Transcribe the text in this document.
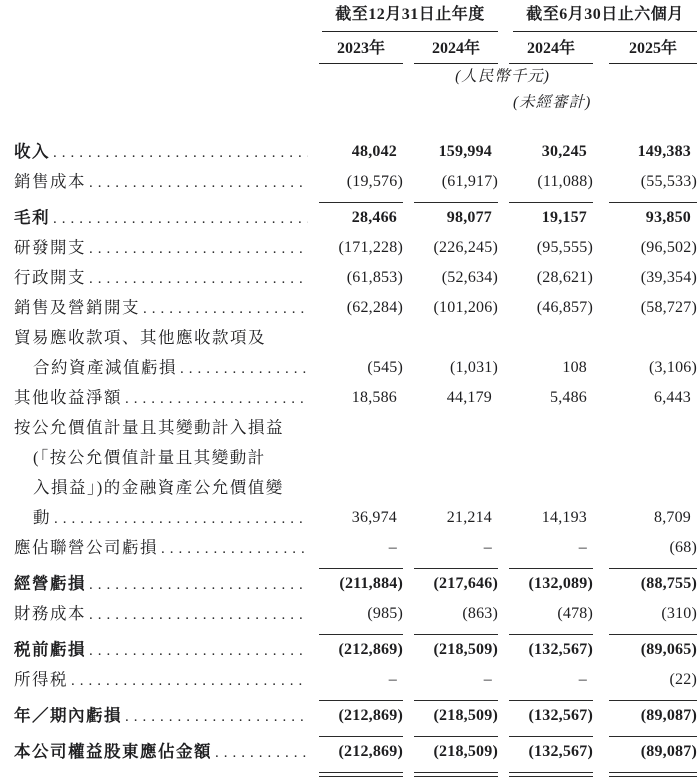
	截至12月31日止年度		截至6月30日止六個月	

	2023年	2024年	2024年	2025年

	(人民幣千元)			
			(未經審計)	

收入
.....	48,042	159,994	30,245	149,383

銷售成本
.....	(19,576)	(61,917)	(11,088)	(55,533)

毛利
.....	28,466	98,077	19,157	93,850

研發開支
.....	(171,228)	(226,245)	(95,555)	(96,502)

行政開支
.....	(61,853)	(52,634)	(28,621)	(39,354)

銷售及營銷開支
.....	(62,284)	(101,206)	(46,857)	(58,727)

貿易應收款項、其他應收款項及
合約資產減值虧損
.....	(545)	(1,031)	108	(3,106)

其他收益淨額
.....	18,586	44,179	5,486	6,443

按公允價值計量且其變動計入損益
(「按公允價值計量且其變動計
入損益」)的金融資產公允價值變
動
.....	36,974	21,214	14,193	8,709

應佔聯營公司虧損
.....	–	–	–	(68)

經營虧損
.....	(211,884)	(217,646)	(132,089)	(88,755)

財務成本
.....	(985)	(863)	(478)	(310)

税前虧損
.....	(212,869)	(218,509)	(132,567)	(89,065)

所得税
.....	–	–	–	(22)

年／期內虧損
.....	(212,869)	(218,509)	(132,567)	(89,087)

本公司權益股東應佔金額
.....	(212,869)	(218,509)	(132,567)	(89,087)
